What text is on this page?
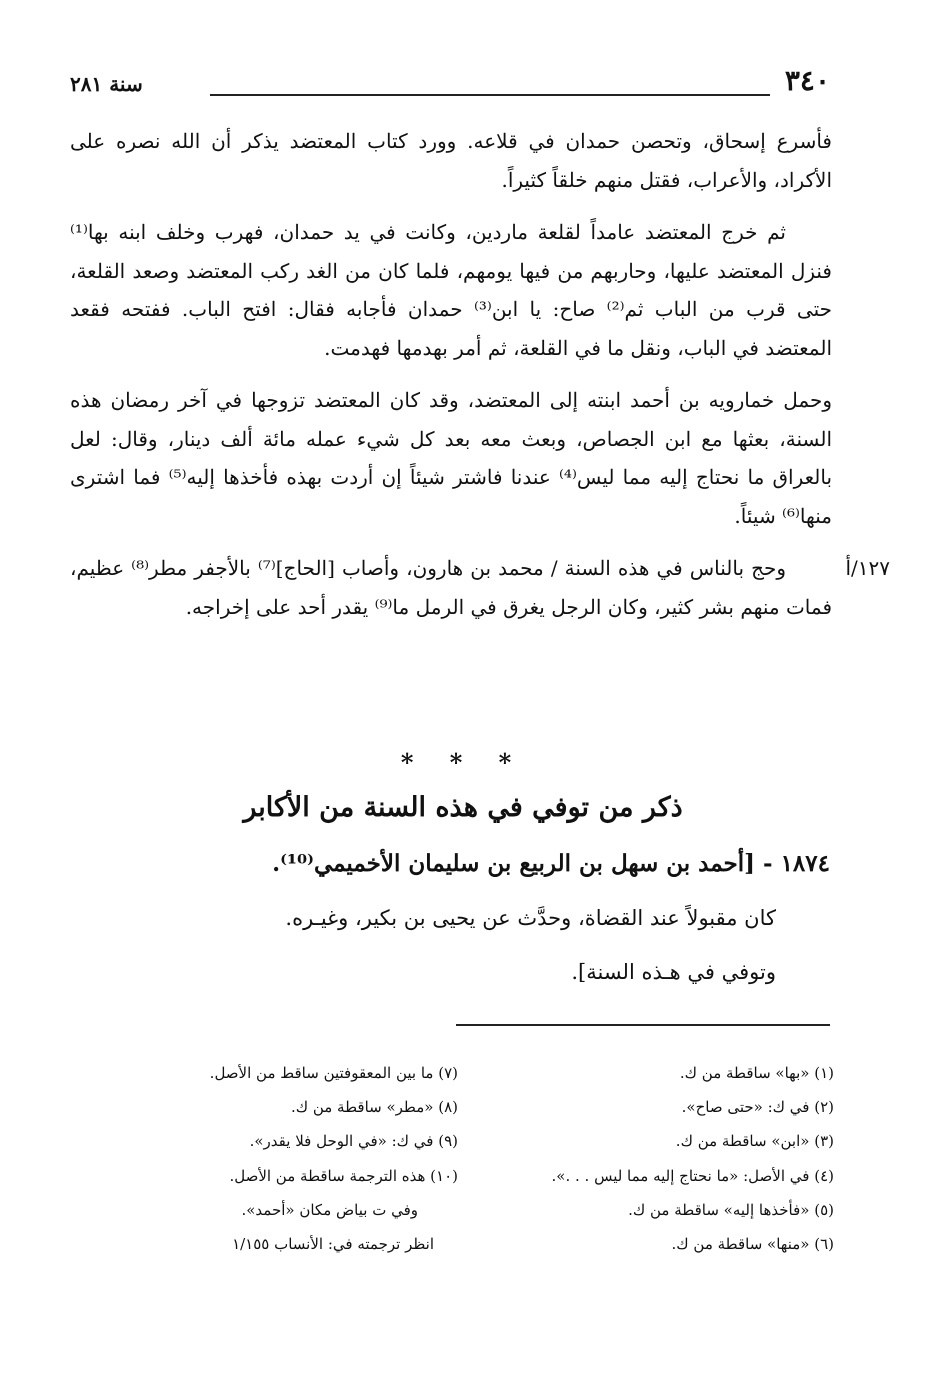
سنة ٢٨١	٣٤٠

فأسرع إسحاق، وتحصن حمدان في قلاعه. وورد كتاب المعتضد يذكر أن الله نصره على الأكراد، والأعراب، فقتل منهم خلقاً كثيراً.

ثم خرج المعتضد عامداً لقلعة ماردين، وكانت في يد حمدان، فهرب وخلف ابنه بها⁽¹⁾ فنزل المعتضد عليها، وحاربهم من فيها يومهم، فلما كان من الغد ركب المعتضد وصعد القلعة، حتى قرب من الباب ثم⁽²⁾ صاح: يا ابن⁽³⁾ حمدان فأجابه فقال: افتح الباب. ففتحه فقعد المعتضد في الباب، ونقل ما في القلعة، ثم أمر بهدمها فهدمت.

وحمل خمارويه بن أحمد ابنته إلى المعتضد، وقد كان المعتضد تزوجها في آخر رمضان هذه السنة، بعثها مع ابن الجصاص، وبعث معه بعد كل شيء عمله مائة ألف دينار، وقال: لعل بالعراق ما نحتاج إليه مما ليس⁽⁴⁾ عندنا فاشتر شيئاً إن أردت بهذه فأخذها إليه⁽⁵⁾ فما اشترى منها⁽⁶⁾ شيئاً.

١٢٧/أ

وحج بالناس في هذه السنة / محمد بن هارون، وأصاب [الحاج]⁽⁷⁾ بالأجفر مطر⁽⁸⁾ عظيم، فمات منهم بشر كثير، وكان الرجل يغرق في الرمل ما⁽⁹⁾ يقدر أحد على إخراجه.

* * *
ذكر من توفي في هذه السنة من الأكابر
١٨٧٤ - [أحمد بن سهل بن الربيع بن سليمان الأخميمي⁽¹⁰⁾.
كان مقبولاً عند القضاة، وحدَّث عن يحيى بن بكير، وغيـره.
وتوفي في هـذه السنة].
(١) «بها» ساقطة من ك.
(٢) في ك: «حتى صاح».
(٣) «ابن» ساقطة من ك.
(٤) في الأصل: «ما نحتاج إليه مما ليس . . .».
(٥) «فأخذها إليه» ساقطة من ك.
(٦) «منها» ساقطة من ك.
(٧) ما بين المعقوفتين ساقط من الأصل.
(٨) «مطر» ساقطة من ك.
(٩) في ك: «في الوحل فلا يقدر».
(١٠) هذه الترجمة ساقطة من الأصل.
وفي ت بياض مكان «أحمد».
انظر ترجمته في: الأنساب ١/١٥٥
